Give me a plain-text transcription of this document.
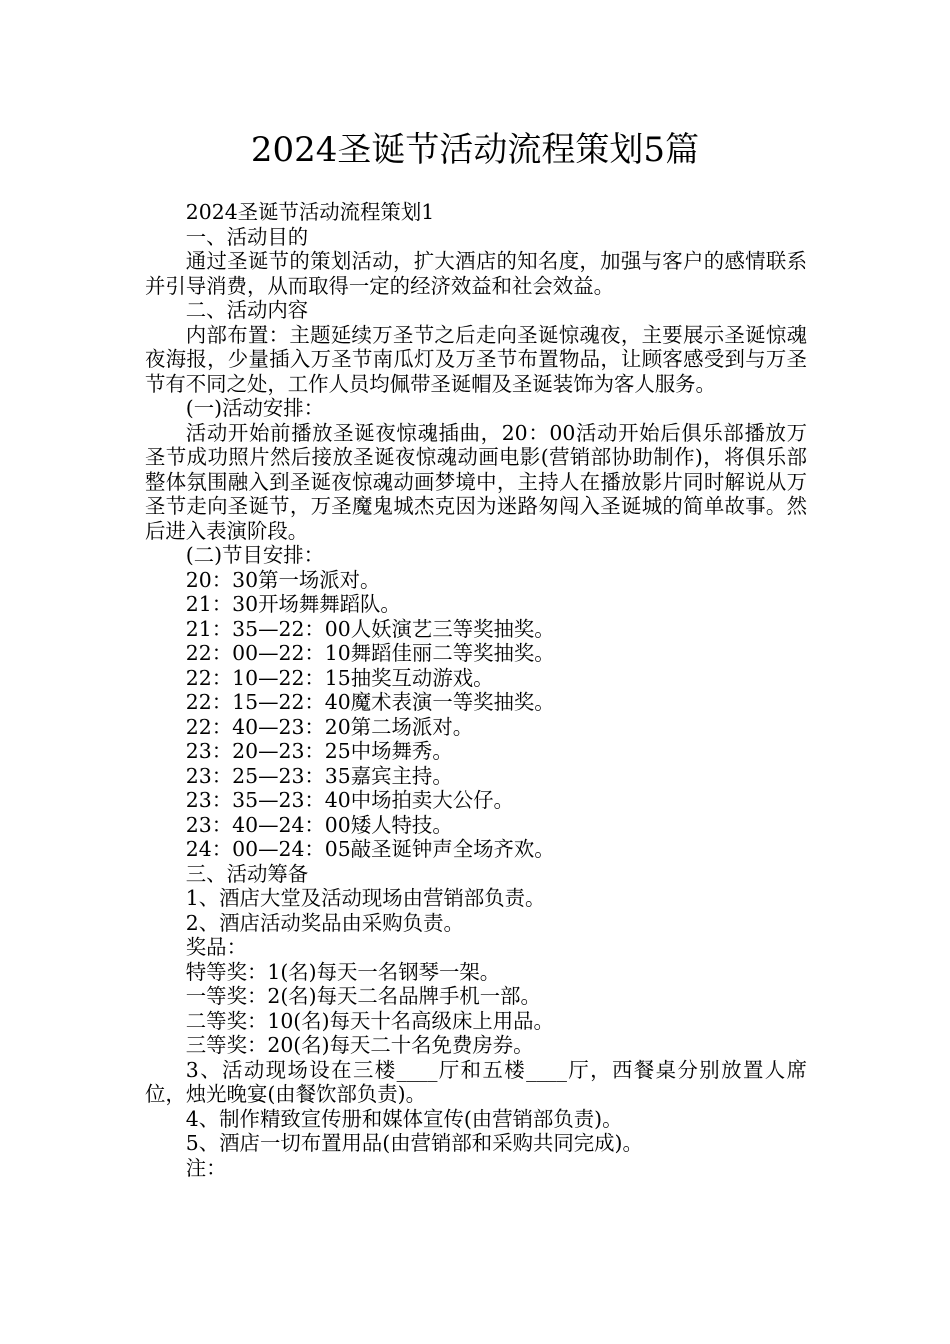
2024圣诞节活动流程策划5篇

2024圣诞节活动流程策划1

一、活动目的

通过圣诞节的策划活动，扩大酒店的知名度，加强与客户的感情联系并引导消费，从而取得一定的经济效益和社会效益。

二、活动内容

内部布置：主题延续万圣节之后走向圣诞惊魂夜，主要展示圣诞惊魂夜海报，少量插入万圣节南瓜灯及万圣节布置物品，让顾客感受到与万圣节有不同之处，工作人员均佩带圣诞帽及圣诞装饰为客人服务。

(一)活动安排：

活动开始前播放圣诞夜惊魂插曲，20：00活动开始后俱乐部播放万圣节成功照片然后接放圣诞夜惊魂动画电影(营销部协助制作)，将俱乐部整体氛围融入到圣诞夜惊魂动画梦境中，主持人在播放影片同时解说从万圣节走向圣诞节，万圣魔鬼城杰克因为迷路匆闯入圣诞城的简单故事。然后进入表演阶段。

(二)节目安排：

20：30第一场派对。

21：30开场舞舞蹈队。

21：35—22：00人妖演艺三等奖抽奖。

22：00—22：10舞蹈佳丽二等奖抽奖。

22：10—22：15抽奖互动游戏。

22：15—22：40魔术表演一等奖抽奖。

22：40—23：20第二场派对。

23：20—23：25中场舞秀。

23：25—23：35嘉宾主持。

23：35—23：40中场拍卖大公仔。

23：40—24：00矮人特技。

24：00—24：05敲圣诞钟声全场齐欢。

三、活动筹备

1、酒店大堂及活动现场由营销部负责。

2、酒店活动奖品由采购负责。

奖品：

特等奖：1(名)每天一名钢琴一架。

一等奖：2(名)每天二名品牌手机一部。

二等奖：10(名)每天十名高级床上用品。

三等奖：20(名)每天二十名免费房券。

3、活动现场设在三楼____厅和五楼____厅，西餐桌分别放置人席位，烛光晚宴(由餐饮部负责)。

4、制作精致宣传册和媒体宣传(由营销部负责)。

5、酒店一切布置用品(由营销部和采购共同完成)。

注：
